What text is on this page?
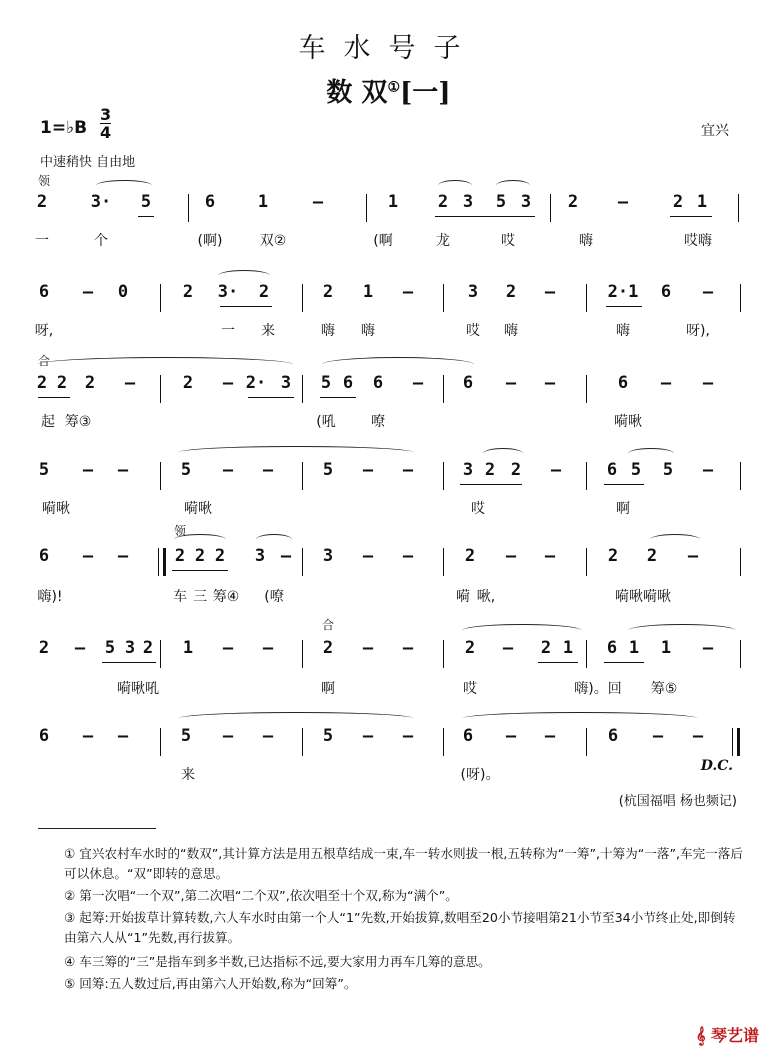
车水号子
数 双①[一]
1=♭B
3
4	宜兴
中速稍快 自由地
领
2	3· 5	6	1	–	1 2 3 5 3 2 –	2 1
一	个	(啊)	双②	(啊	龙	哎	嗨	哎嗨
6 – 0	2 3· 2	2 1 –	3 2 –	2·1 6 –
呀,	一 来	嗨 嗨	哎 嗨	嗨	呀),
合
2 2 2 –	2 – 2· 3 5 6 6 – 6 – –	6 – –
起 筹③	(吼	嘹	嗬啾
5 – –	5 – –	5 – –	3 2 2 –	6 5 5 –
嗬啾	嗬啾	哎	啊
领
6 – –	2 2 2 3 – 3 – –	2 – –	2 2 –
嗨)!	车 三 筹④ (嘹	嗬 啾,	嗬啾嗬啾
合
2 – 5 3 2 1 – –	2 – –	2 – 2 1 6 1 1 –
嗬啾吼	啊	哎	嗨)。回 筹⑤
6 – –	5 – –	5 – –	6 – –	6 – –
来	(呀)。
D.C.
(杭国福唱 杨也频记)
① 宜兴农村车水时的“数双”,其计算方法是用五根草结成一束,车一转水则拔一根,五转称为“一筹”,十筹为“一落”,车完一落后可以休息。“双”即转的意思。
② 第一次唱“一个双”,第二次唱“二个双”,依次唱至十个双,称为“满个”。
③ 起筹:开始拔草计算转数,六人车水时由第一个人“1”先数,开始拔算,数唱至20小节接唱第21小节至34小节终止处,即倒转由第六人从“1”先数,再行拔算。
④ 车三筹的“三”是指车到多半数,已达指标不远,要大家用力再车几筹的意思。
⑤ 回筹:五人数过后,再由第六人开始数,称为“回筹”。
𝄞 琴艺谱
